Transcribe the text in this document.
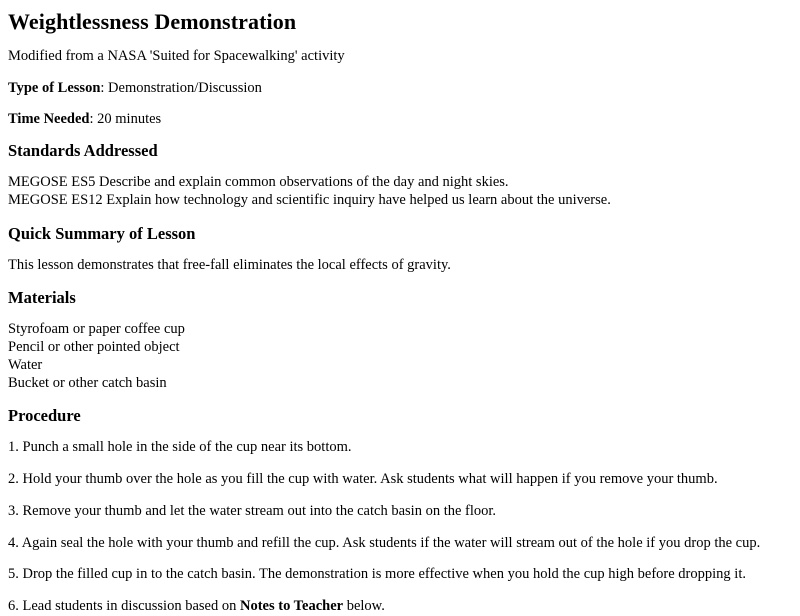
Weightlessness Demonstration

Modified from a NASA 'Suited for Spacewalking' activity

Type of Lesson: Demonstration/Discussion

Time Needed: 20 minutes

Standards Addressed
MEGOSE ES5 Describe and explain common observations of the day and night skies.
MEGOSE ES12 Explain how technology and scientific inquiry have helped us learn about the universe.
Quick Summary of Lesson

This lesson demonstrates that free-fall eliminates the local effects of gravity.

Materials
Styrofoam or paper coffee cup
Pencil or other pointed object
Water
Bucket or other catch basin
Procedure

1. Punch a small hole in the side of the cup near its bottom.

2. Hold your thumb over the hole as you fill the cup with water. Ask students what will happen if you remove your thumb.

3. Remove your thumb and let the water stream out into the catch basin on the floor.

4. Again seal the hole with your thumb and refill the cup. Ask students if the water will stream out of the hole if you drop the cup.

5. Drop the filled cup in to the catch basin. The demonstration is more effective when you hold the cup high before dropping it.

6. Lead students in discussion based on Notes to Teacher below.
